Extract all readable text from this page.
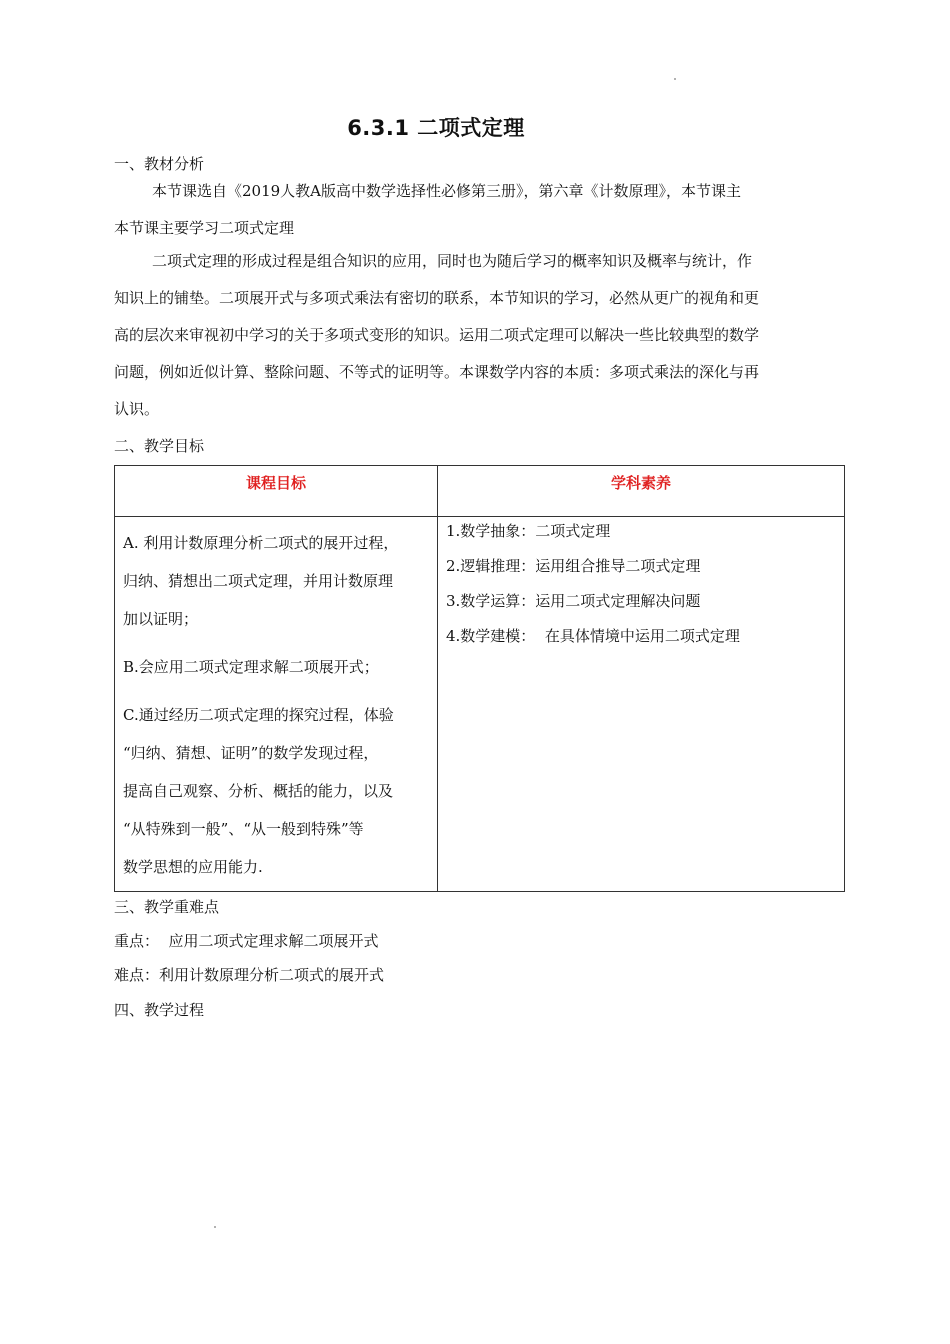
6.3.1 二项式定理
一、教材分析
本节课选自《2019人教A版高中数学选择性必修第三册》，第六章《计数原理》，本节课主
本节课主要学习二项式定理
二项式定理的形成过程是组合知识的应用，同时也为随后学习的概率知识及概率与统计，作
知识上的铺垫。二项展开式与多项式乘法有密切的联系，本节知识的学习，必然从更广的视角和更
高的层次来审视初中学习的关于多项式变形的知识。运用二项式定理可以解决一些比较典型的数学
问题，例如近似计算、整除问题、不等式的证明等。本课数学内容的本质：多项式乘法的深化与再
认识。
二、教学目标
课程目标	学科素养
A. 利用计数原理分析二项式的展开过程，
归纳、猜想出二项式定理，并用计数原理
加以证明；
B.会应用二项式定理求解二项展开式；
C.通过经历二项式定理的探究过程，体验
“归纳、猜想、证明”的数学发现过程，
提高自己观察、分析、概括的能力，以及
“从特殊到一般”、“从一般到特殊”等
数学思想的应用能力.
1.数学抽象：二项式定理
2.逻辑推理：运用组合推导二项式定理
3.数学运算：运用二项式定理解决问题
4.数学建模：  在具体情境中运用二项式定理
三、教学重难点
重点：  应用二项式定理求解二项展开式
难点：利用计数原理分析二项式的展开式
四、教学过程
